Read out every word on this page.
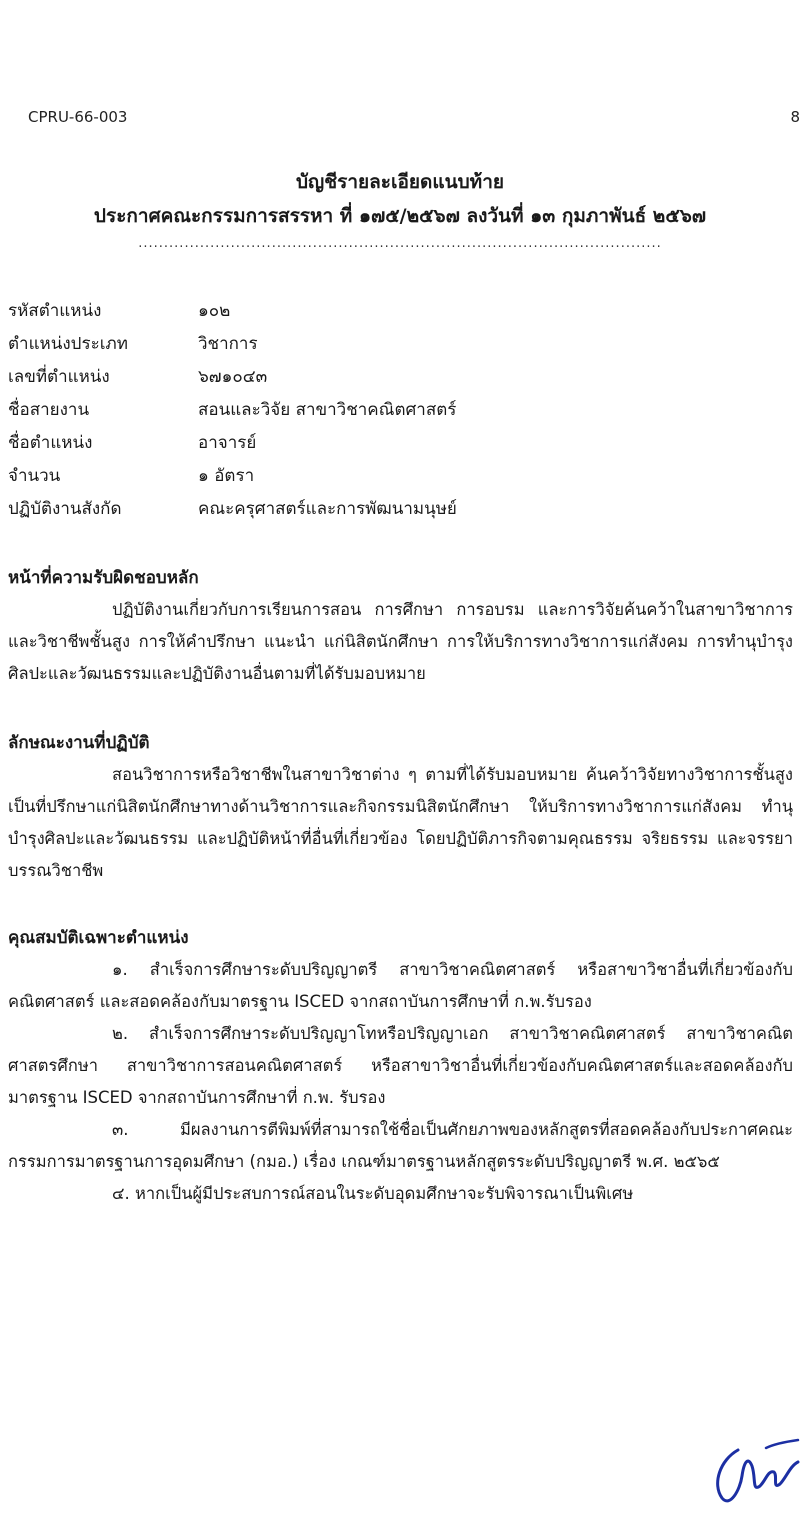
CPRU-66-003	8
บัญชีรายละเอียดแนบท้าย
ประกาศคณะกรรมการสรรหา ที่ ๑๗๕/๒๕๖๗ ลงวันที่ ๑๓ กุมภาพันธ์ ๒๕๖๗
......................................................................................................
รหัสตำแหน่ง	๑๐๒
ตำแหน่งประเภท	วิชาการ
เลขที่ตำแหน่ง	๖๗๑๐๔๓
ชื่อสายงาน	สอนและวิจัย สาขาวิชาคณิตศาสตร์
ชื่อตำแหน่ง	อาจารย์
จำนวน	๑ อัตรา
ปฏิบัติงานสังกัด	คณะครุศาสตร์และการพัฒนามนุษย์
หน้าที่ความรับผิดชอบหลัก
ปฏิบัติงานเกี่ยวกับการเรียนการสอน การศึกษา การอบรม และการวิจัยค้นคว้าในสาขาวิชาการและวิชาชีพชั้นสูง การให้คำปรึกษา แนะนำ แก่นิสิตนักศึกษา การให้บริการทางวิชาการแก่สังคม การทำนุบำรุงศิลปะและวัฒนธรรมและปฏิบัติงานอื่นตามที่ได้รับมอบหมาย
ลักษณะงานที่ปฏิบัติ
สอนวิชาการหรือวิชาชีพในสาขาวิชาต่าง ๆ ตามที่ได้รับมอบหมาย ค้นคว้าวิจัยทางวิชาการชั้นสูง เป็นที่ปรึกษาแก่นิสิตนักศึกษาทางด้านวิชาการและกิจกรรมนิสิตนักศึกษา ให้บริการทางวิชาการแก่สังคม ทำนุบำรุงศิลปะและวัฒนธรรม และปฏิบัติหน้าที่อื่นที่เกี่ยวข้อง โดยปฏิบัติภารกิจตามคุณธรรม จริยธรรม และจรรยาบรรณวิชาชีพ
คุณสมบัติเฉพาะตำแหน่ง
๑. สำเร็จการศึกษาระดับปริญญาตรี สาขาวิชาคณิตศาสตร์ หรือสาขาวิชาอื่นที่เกี่ยวข้องกับคณิตศาสตร์ และสอดคล้องกับมาตรฐาน ISCED จากสถาบันการศึกษาที่ ก.พ.รับรอง
๒. สำเร็จการศึกษาระดับปริญญาโทหรือปริญญาเอก สาขาวิชาคณิตศาสตร์ สาขาวิชาคณิตศาสตรศึกษา สาขาวิชาการสอนคณิตศาสตร์ หรือสาขาวิชาอื่นที่เกี่ยวข้องกับคณิตศาสตร์และสอดคล้องกับมาตรฐาน ISCED จากสถาบันการศึกษาที่ ก.พ. รับรอง
๓. มีผลงานการตีพิมพ์ที่สามารถใช้ชื่อเป็นศักยภาพของหลักสูตรที่สอดคล้องกับประกาศคณะกรรมการมาตรฐานการอุดมศึกษา (กมอ.) เรื่อง เกณฑ์มาตรฐานหลักสูตรระดับปริญญาตรี พ.ศ. ๒๕๖๕
๔. หากเป็นผู้มีประสบการณ์สอนในระดับอุดมศึกษาจะรับพิจารณาเป็นพิเศษ
